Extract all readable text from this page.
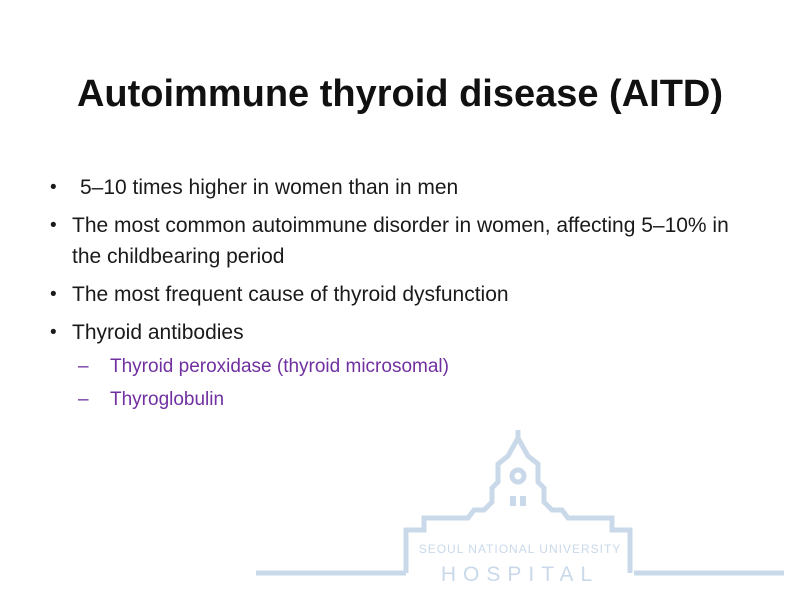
Autoimmune thyroid disease (AITD)
• 5–10 times higher in women than in men
• The most common autoimmune disorder in women, affecting 5–10% in the childbearing period
• The most frequent cause of thyroid dysfunction
• Thyroid antibodies
– Thyroid peroxidase (thyroid microsomal)
– Thyroglobulin
SEOUL NATIONAL UNIVERSITY
HOSPITAL
